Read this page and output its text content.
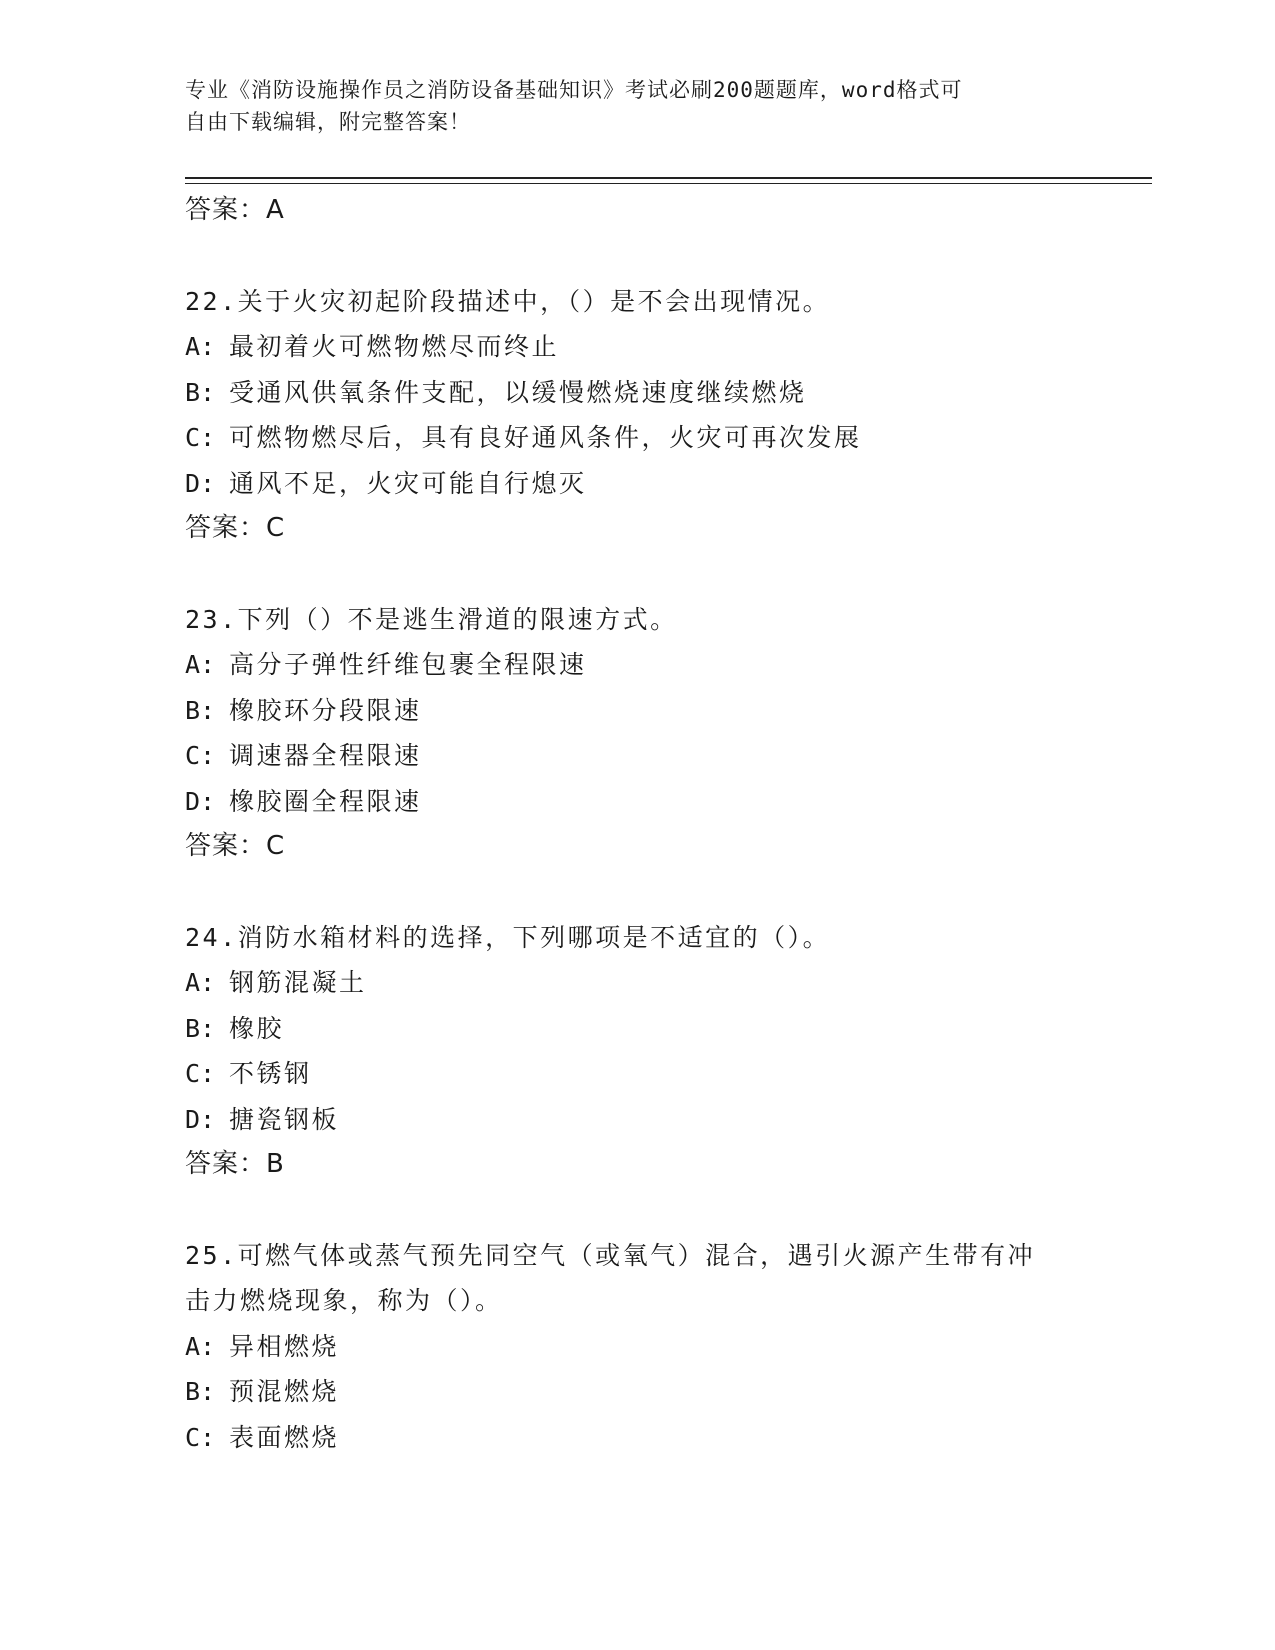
专业《消防设施操作员之消防设备基础知识》考试必刷200题题库，word格式可
自由下载编辑，附完整答案！
答案：A
22.关于火灾初起阶段描述中，（）是不会出现情况。
A: 最初着火可燃物燃尽而终止
B: 受通风供氧条件支配，以缓慢燃烧速度继续燃烧
C: 可燃物燃尽后，具有良好通风条件，火灾可再次发展
D: 通风不足，火灾可能自行熄灭
答案：C
23.下列（）不是逃生滑道的限速方式。
A: 高分子弹性纤维包裹全程限速
B: 橡胶环分段限速
C: 调速器全程限速
D: 橡胶圈全程限速
答案：C
24.消防水箱材料的选择，下列哪项是不适宜的（）。
A: 钢筋混凝土
B: 橡胶
C: 不锈钢
D: 搪瓷钢板
答案：B
25.可燃气体或蒸气预先同空气（或氧气）混合，遇引火源产生带有冲
击力燃烧现象，称为（）。
A: 异相燃烧
B: 预混燃烧
C: 表面燃烧
